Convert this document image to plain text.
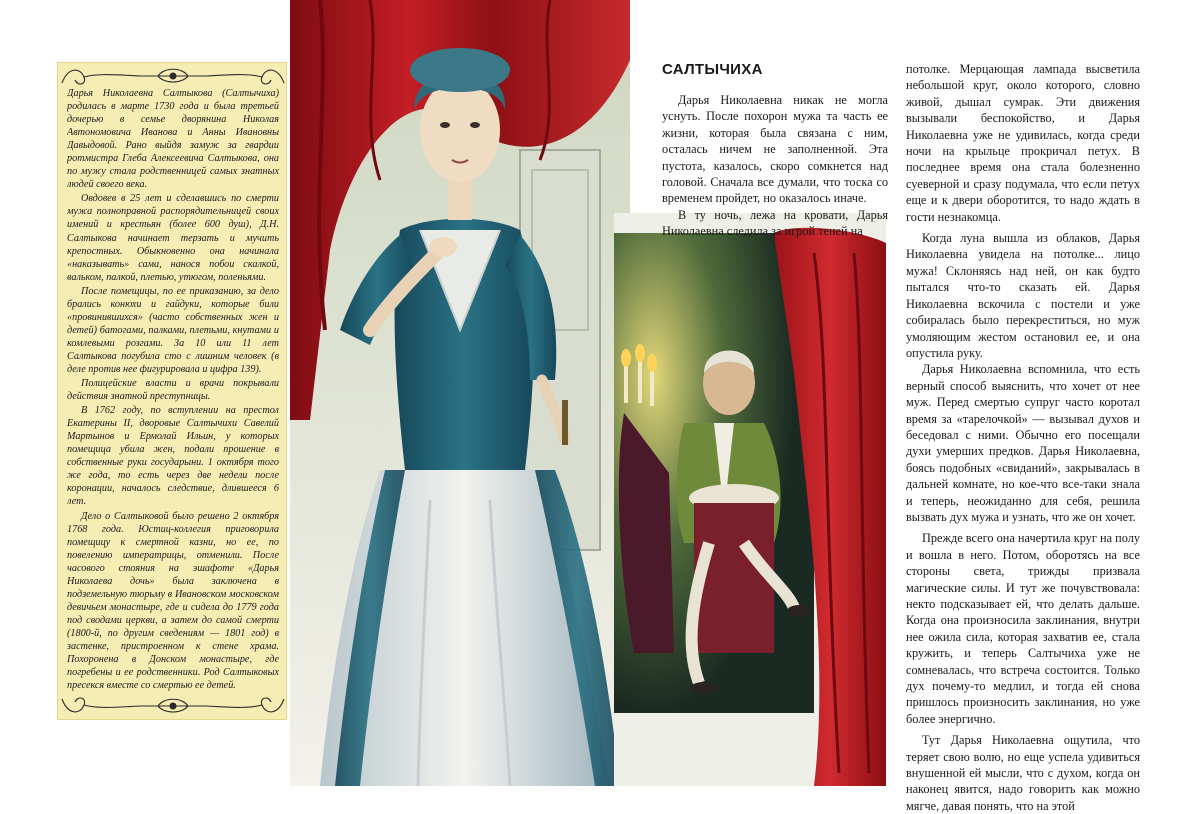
Дарья Николаевна Салтыкова (Салтычиха) родилась в марте 1730 года и была третьей дочерью в семье дворянина Николая Автономовича Иванова и Анны Ивановны Давыдовой. Рано выйдя замуж за гвардии ротмистра Глеба Алексеевича Салтыкова, она по мужу стала родственницей самых знатных людей своего века.

Овдовев в 25 лет и сделавшись по смерти мужа полноправной распорядительницей своих имений и крестьян (более 600 душ), Д.Н. Салтыкова начинает терзать и мучить крепостных. Обыкновенно она начинала «наказывать» сама, нанося побои скалкой, вальком, палкой, плетью, утюгом, поленьями.

После помещицы, по ее приказанию, за дело брались конюхи и гайдуки, которые били «провинившихся» (часто собственных жен и детей) батогами, палками, плетьми, кнутами и комлевыми розгами. За 10 или 11 лет Салтыкова погубила сто с лишним человек (в деле против нее фигурировала и цифра 139).

Полицейские власти и врачи покрывали действия знатной преступницы.

В 1762 году, по вступлении на престол Екатерины II, дворовые Салтычихи Савелий Мартынов и Ермолай Ильин, у которых помещица убила жен, подали прошение в собственные руки государыни. 1 октября того же года, то есть через две недели после коронации, началось следствие, длившееся 6 лет.

Дело о Салтыковой было решено 2 октября 1768 года. Юстиц-коллегия приговорила помещицу к смертной казни, но ее, по повелению императрицы, отменили. После часового стояния на эшафоте «Дарья Николаева дочь» была заключена в подземельную тюрьму в Ивановском московском девичьем монастыре, где и сидела до 1779 года под сводами церкви, а затем до самой смерти (1800-й, по другим сведениям — 1801 год) в застенке, пристроенном к стене храма. Похоронена в Донском монастыре, где погребены и ее родственники. Род Салтыковых пресекся вместе со смертью ее детей.

САЛТЫЧИХА

Дарья Николаевна никак не могла уснуть. После похорон мужа та часть ее жизни, которая была связана с ним, осталась ничем не заполненной. Эта пустота, казалось, скоро сомкнется над головой. Сначала все думали, что тоска со временем пройдет, но оказалось иначе.

В ту ночь, лежа на кровати, Дарья Николаевна следила за игрой теней на

потолке. Мерцающая лампада высветила небольшой круг, около которого, словно живой, дышал сумрак. Эти движения вызывали беспокойство, и Дарья Николаевна уже не удивилась, когда среди ночи на крыльце прокричал петух. В последнее время она стала болезненно суеверной и сразу подумала, что если петух еще и к двери оборотится, то надо ждать в гости незнакомца.

Когда луна вышла из облаков, Дарья Николаевна увидела на потолке... лицо мужа! Склоняясь над ней, он как будто пытался что-то сказать ей. Дарья Николаевна вскочила с постели и уже собиралась было перекреститься, но муж умоляющим жестом остановил ее, и она опустила руку.

Дарья Николаевна вспомнила, что есть верный способ выяснить, что хочет от нее муж. Перед смертью супруг часто коротал время за «тарелочкой» — вызывал духов и беседовал с ними. Обычно его посещали духи умерших предков. Дарья Николаевна, боясь подобных «свиданий», закрывалась в дальней комнате, но кое-что все-таки знала и теперь, неожиданно для себя, решила вызвать дух мужа и узнать, что же он хочет.

Прежде всего она начертила круг на полу и вошла в него. Потом, оборотясь на все стороны света, трижды призвала магические силы. И тут же почувствовала: некто подсказывает ей, что делать дальше. Когда она произносила заклинания, внутри нее ожила сила, которая захватив ее, стала кружить, и теперь Салтычиха уже не сомневалась, что встреча состоится. Только дух почему-то медлил, и тогда ей снова пришлось произносить заклинания, но уже более энергично.

Тут Дарья Николаевна ощутила, что теряет свою волю, но еще успела удивиться внушенной ей мысли, что с духом, когда он наконец явится, надо говорить как можно мягче, давая понять, что на этой
